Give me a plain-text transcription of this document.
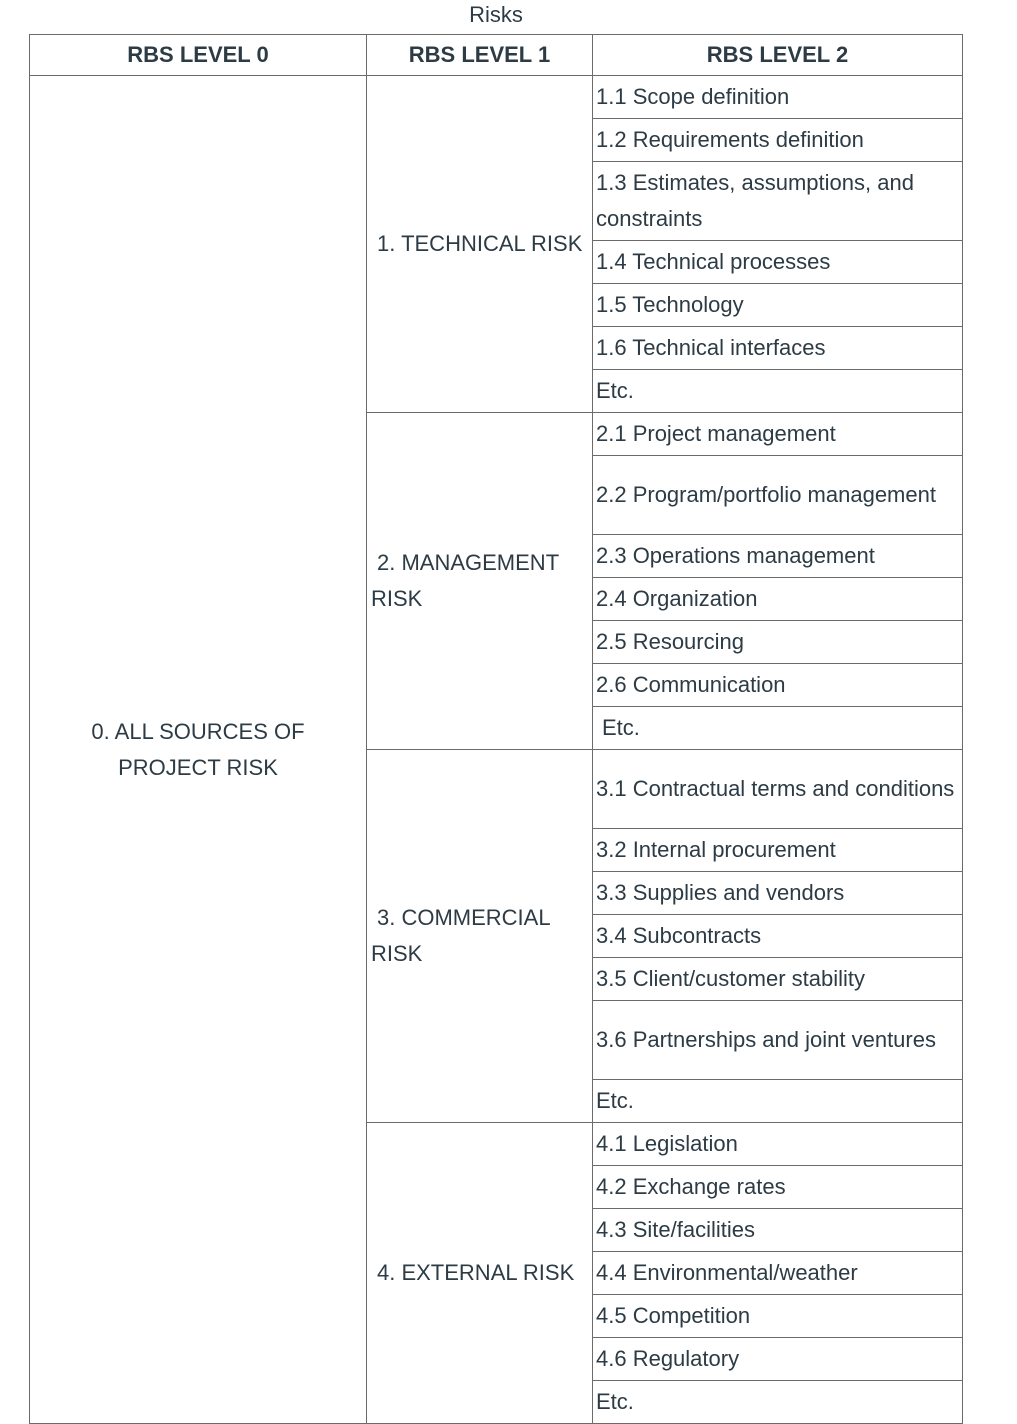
Risks
RBS LEVEL 0	RBS LEVEL 1	RBS LEVEL 2
0. ALL SOURCES OF PROJECT RISK	1. TECHNICAL RISK	1.1 Scope definition
		1.2 Requirements definition
		1.3 Estimates, assumptions, and constraints
		1.4 Technical processes
		1.5 Technology
		1.6 Technical interfaces
		Etc.

	2. MANAGEMENT RISK	2.1 Project management
		2.2 Program/portfolio management
		2.3 Operations management
		2.4 Organization
		2.5 Resourcing
		2.6 Communication
		Etc.

	3. COMMERCIAL RISK	3.1 Contractual terms and conditions
		3.2 Internal procurement
		3.3 Supplies and vendors
		3.4 Subcontracts
		3.5 Client/customer stability
		3.6 Partnerships and joint ventures
		Etc.

	4. EXTERNAL RISK	4.1 Legislation
		4.2 Exchange rates
		4.3 Site/facilities
		4.4 Environmental/weather
		4.5 Competition
		4.6 Regulatory
		Etc.
